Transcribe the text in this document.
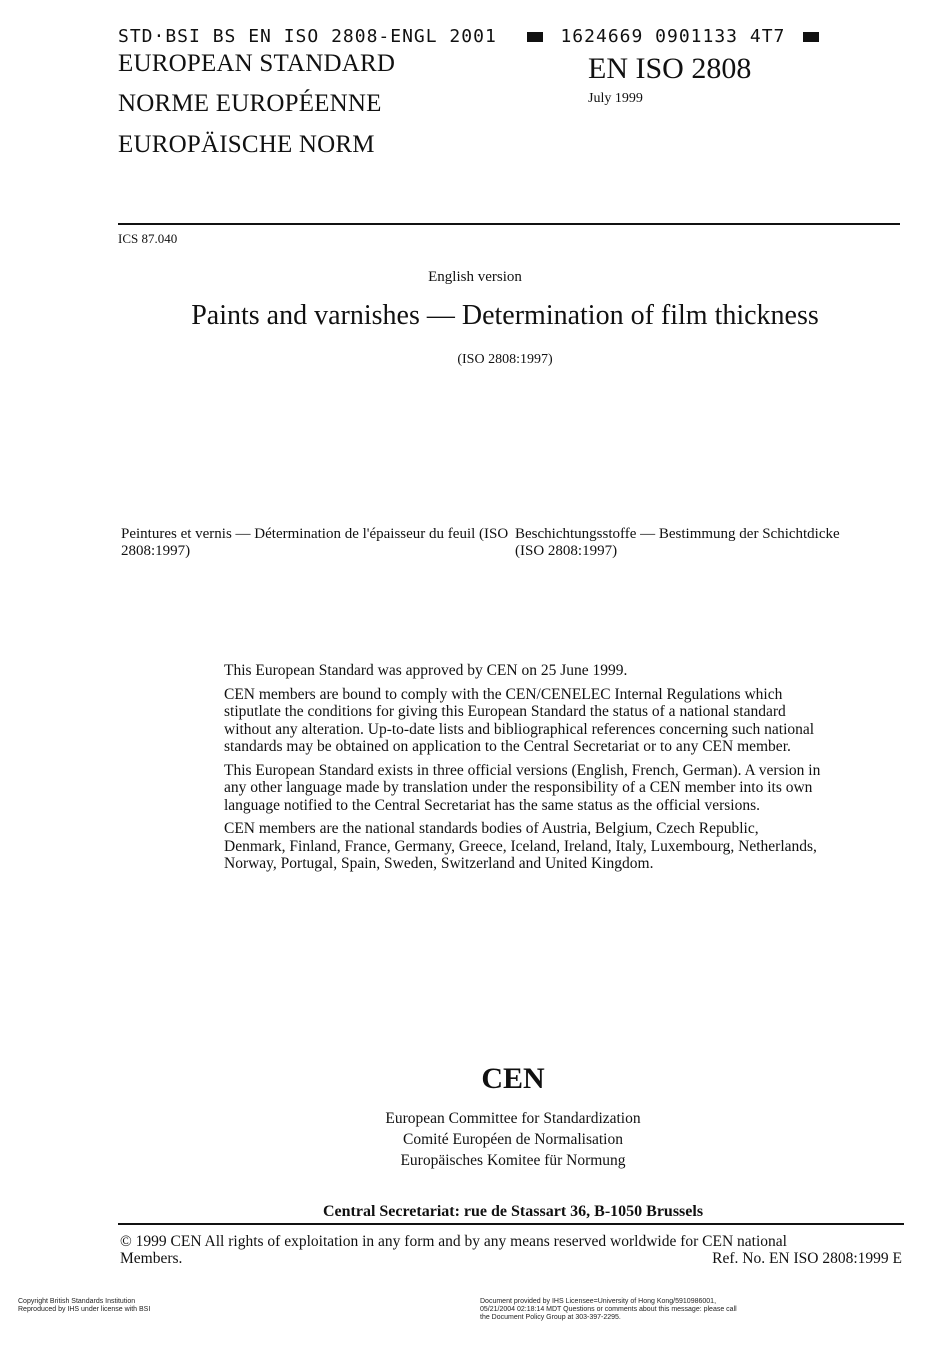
STD·BSI BS EN ISO 2808-ENGL 2001	1624669 0901133 4T7
EUROPEAN STANDARD
NORME EUROPÉENNE
EUROPÄISCHE NORM
EN ISO 2808
July 1999
ICS 87.040
English version
Paints and varnishes — Determination of film thickness
(ISO 2808:1997)
Peintures et vernis — Détermination de l'épaisseur du feuil (ISO 2808:1997)
Beschichtungsstoffe — Bestimmung der Schichtdicke (ISO 2808:1997)

This European Standard was approved by CEN on 25 June 1999.

CEN members are bound to comply with the CEN/CENELEC Internal Regulations which stiputlate the conditions for giving this European Standard the status of a national standard without any alteration. Up-to-date lists and bibliographical references concerning such national standards may be obtained on application to the Central Secretariat or to any CEN member.

This European Standard exists in three official versions (English, French, German). A version in any other language made by translation under the responsibility of a CEN member into its own language notified to the Central Secretariat has the same status as the official versions.

CEN members are the national standards bodies of Austria, Belgium, Czech Republic, Denmark, Finland, France, Germany, Greece, Iceland, Ireland, Italy, Luxembourg, Netherlands, Norway, Portugal, Spain, Sweden, Switzerland and United Kingdom.

CEN
European Committee for Standardization
Comité Européen de Normalisation
Europäisches Komitee für Normung
Central Secretariat: rue de Stassart 36, B-1050 Brussels
© 1999 CEN All rights of exploitation in any form and by any means reserved worldwide for CEN national
Members.	Ref. No. EN ISO 2808:1999 E
Copyright British Standards Institution
Reproduced by IHS under license with BSI
Document provided by IHS Licensee=University of Hong Kong/5910986001,
05/21/2004 02:18:14 MDT Questions or comments about this message: please call
the Document Policy Group at 303-397-2295.
